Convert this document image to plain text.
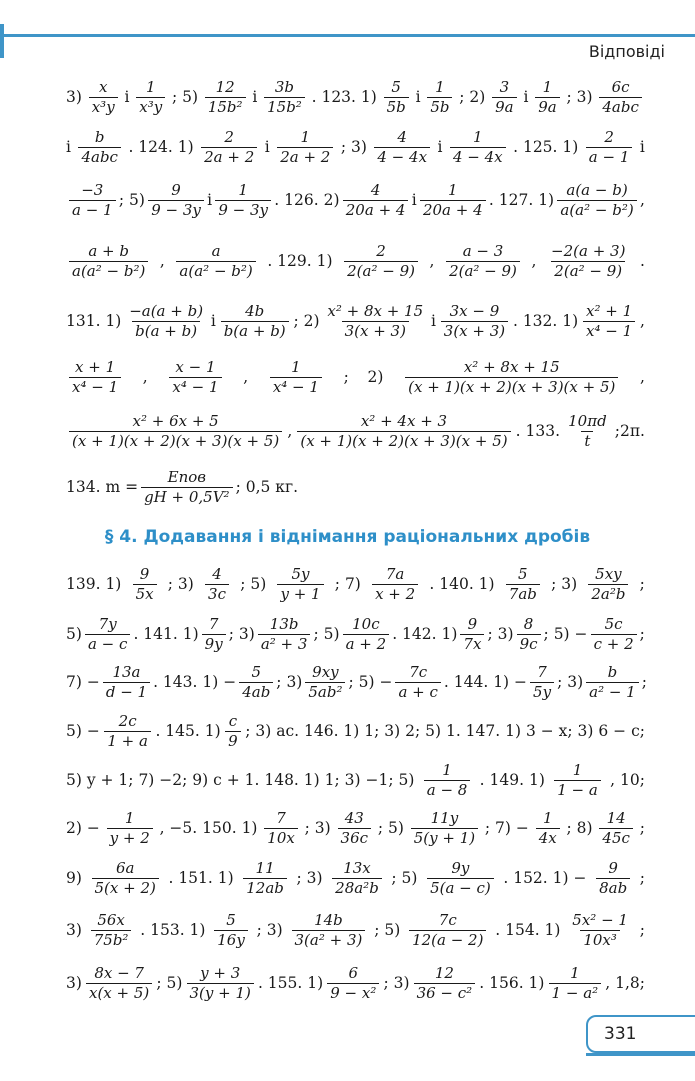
Відповіді
$3) \frac{x}{\text{x³y}}$ і $\frac{1}{\text{x³y}}$ ; $5) \frac{12}{\text{15b²}}$ і $\frac{3b}{\text{15b²}}$ . 123. $1) \frac{5}{5b}$ і $\frac{1}{5b}$ ; $2) \frac{3}{9a}$ і $\frac{1}{9a}$ ; $3) \frac{6c}{\text{4abc}}$
і $\frac{b}{\text{4abc}}$ . 124. $1) \frac{2}{2a + 2}$ і $\frac{1}{2a + 2}$ ; $3) \frac{4}{4 - 4x}$ і $\frac{1}{4 - 4x}$ . 125. $1) \frac{2}{a - 1}$ і
$\frac{-3}{a - 1}$ ; $5) \frac{9}{9 - 3y}$ і $\frac{1}{9 - 3y}$ . 126. $2) \frac{4}{20a + 4}$ і $\frac{1}{20a + 4}$ . 127. $1) \frac{a(a - b)}{\text{a(a² − b²)}}$ ,
$\frac{a + b}{\text{a(a² − b²)}}$ , $\frac{a}{\text{a(a² − b²)}}$ . 129. $1) \frac{2}{\text{2(a² − 9)}}$ , $\frac{a - 3}{\text{2(a² − 9)}}$ , $\frac{-2(a + 3)}{\text{2(a² − 9)}}$ .
131. $1) \frac{-a(a + b)}{b(a + b)}$ і $\frac{4b}{b(a + b)}$ ; $2) \frac{\text{x² + 8x + 15}}{3(x + 3)}$ і $\frac{3x - 9}{3(x + 3)}$ . 132. $1) \frac{\text{x² + 1}}{\text{x⁴ − 1}}$ ,
$\frac{x + 1}{\text{x⁴ − 1}}$ , $\frac{x - 1}{\text{x⁴ − 1}}$ , $\frac{1}{\text{x⁴ − 1}}$ ; $2) \frac{\text{x² + 8x + 15}}{(x + 1)(x + 2)(x + 3)(x + 5)}$ ,
$\frac{\text{x² + 6x + 5}}{(x + 1)(x + 2)(x + 3)(x + 5)}$ , $\frac{\text{x² + 4x + 3}}{(x + 1)(x + 2)(x + 3)(x + 5)}$ . 133. $\frac{10\pi d}{t}$ ;2π.
134. $m = \frac{\text{Eпов}}{\text{gH + 0,5V²}}$ ; 0,5 кг.
§ 4. Додавання і віднімання раціональних дробів
139. $1) \frac{9}{5x}$ ; $3) \frac{4}{3c}$ ; $5) \frac{5y}{y + 1}$ ; $7) \frac{7a}{x + 2}$ . 140. $1) \frac{5}{7ab}$ ; $3) \frac{5xy}{\text{2a²b}}$ ;
$5) \frac{7y}{a - c}$ . 141. $1) \frac{7}{9y}$ ; $3) \frac{13b}{\text{a² + 3}}$ ; $5) \frac{10c}{a + 2}$ . 142. $1) \frac{9}{7x}$ ; $3) \frac{8}{9c}$ ; $5) - \frac{5c}{c + 2}$ ;
$7) - \frac{13a}{d - 1}$ . 143. $1) - \frac{5}{4ab}$ ; $3) \frac{9xy}{\text{5ab²}}$ ; $5) - \frac{7c}{a + c}$ . 144. $1) - \frac{7}{5y}$ ; $3) \frac{b}{\text{a² − 1}}$ ;
$5) - \frac{2c}{1 + a}$ . 145. $1) \frac{c}{9}$ ; 3) ac. 146. 1) 1; 3) 2; 5) 1. 147. 1) 3 − x; 3) 6 − c;
5) y + 1; 7) −2; 9) c + 1. 148. 1) 1; 3) −1; $5) \frac{1}{a - 8}$ . 149. $1) \frac{1}{1 - a}$ , 10;
$2) - \frac{1}{y + 2}$ , −5. 150. $1) \frac{7}{10x}$ ; $3) \frac{43}{36c}$ ; $5) \frac{11y}{5(y + 1)}$ ; $7) - \frac{1}{4x}$ ; $8) \frac{14}{45c}$ ;
$9) \frac{6a}{5(x + 2)}$ . 151. $1) \frac{11}{12ab}$ ; $3) \frac{13x}{\text{28a²b}}$ ; $5) \frac{9y}{5(a - c)}$ . 152. $1) - \frac{9}{8ab}$ ;
$3) \frac{56x}{\text{75b²}}$ . 153. $1) \frac{5}{16y}$ ; $3) \frac{14b}{\text{3(a² + 3)}}$ ; $5) \frac{7c}{12(a - 2)}$ . 154. $1) \frac{\text{5x² − 1}}{\text{10x³}}$ ;
$3) \frac{8x - 7}{x(x + 5)}$ ; $5) \frac{y + 3}{3(y + 1)}$ . 155. $1) \frac{6}{\text{9 − x²}}$ ; $3) \frac{12}{\text{36 − c²}}$ . 156. $1) \frac{1}{\text{1 − a²}}$ , 1,8;
331
